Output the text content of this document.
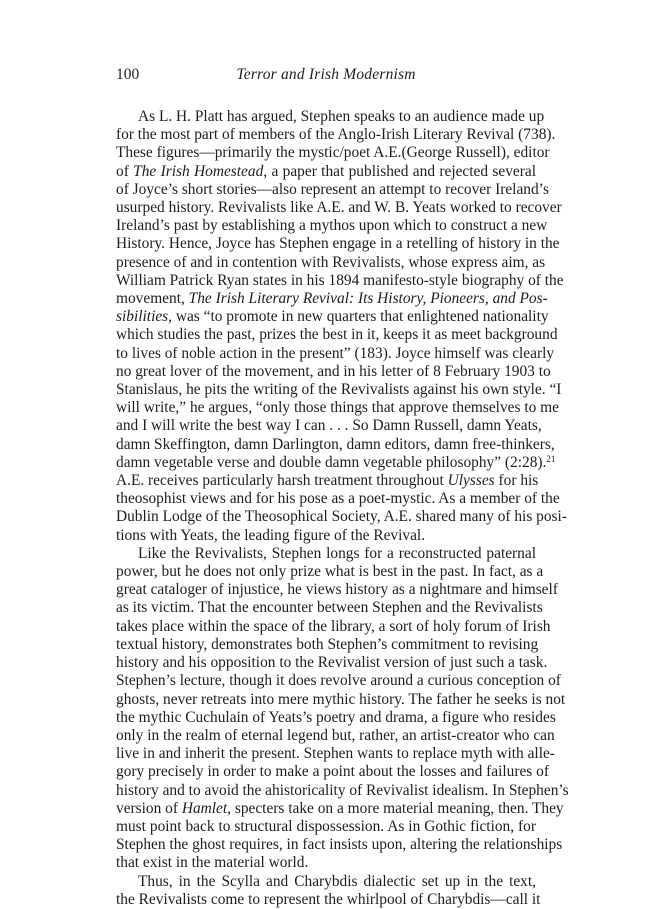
100	Terror and Irish Modernism
As L. H. Platt has argued, Stephen speaks to an audience made up
for the most part of members of the Anglo-Irish Literary Revival (738).
These figures—primarily the mystic/poet A.E.(George Russell), editor
of The Irish Homestead, a paper that published and rejected several
of Joyce’s short stories—also represent an attempt to recover Ireland’s
usurped history. Revivalists like A.E. and W. B. Yeats worked to recover
Ireland’s past by establishing a mythos upon which to construct a new
History. Hence, Joyce has Stephen engage in a retelling of history in the
presence of and in contention with Revivalists, whose express aim, as
William Patrick Ryan states in his 1894 manifesto-style biography of the
movement, The Irish Literary Revival: Its History, Pioneers, and Pos-
sibilities, was “to promote in new quarters that enlightened nationality
which studies the past, prizes the best in it, keeps it as meet background
to lives of noble action in the present” (183). Joyce himself was clearly
no great lover of the movement, and in his letter of 8 February 1903 to
Stanislaus, he pits the writing of the Revivalists against his own style. “I
will write,” he argues, “only those things that approve themselves to me
and I will write the best way I can . . . So Damn Russell, damn Yeats,
damn Skeffington, damn Darlington, damn editors, damn free-thinkers,
damn vegetable verse and double damn vegetable philosophy” (2:28).$^{21}$
A.E. receives particularly harsh treatment throughout Ulysses for his
theosophist views and for his pose as a poet-mystic. As a member of the
Dublin Lodge of the Theosophical Society, A.E. shared many of his posi-
tions with Yeats, the leading figure of the Revival.
Like the Revivalists, Stephen longs for a reconstructed paternal
power, but he does not only prize what is best in the past. In fact, as a
great cataloger of injustice, he views history as a nightmare and himself
as its victim. That the encounter between Stephen and the Revivalists
takes place within the space of the library, a sort of holy forum of Irish
textual history, demonstrates both Stephen’s commitment to revising
history and his opposition to the Revivalist version of just such a task.
Stephen’s lecture, though it does revolve around a curious conception of
ghosts, never retreats into mere mythic history. The father he seeks is not
the mythic Cuchulain of Yeats’s poetry and drama, a figure who resides
only in the realm of eternal legend but, rather, an artist-creator who can
live in and inherit the present. Stephen wants to replace myth with alle-
gory precisely in order to make a point about the losses and failures of
history and to avoid the ahistoricality of Revivalist idealism. In Stephen’s
version of Hamlet, specters take on a more material meaning, then. They
must point back to structural dispossession. As in Gothic fiction, for
Stephen the ghost requires, in fact insists upon, altering the relationships
that exist in the material world.
Thus, in the Scylla and Charybdis dialectic set up in the text,
the Revivalists come to represent the whirlpool of Charybdis—call it
